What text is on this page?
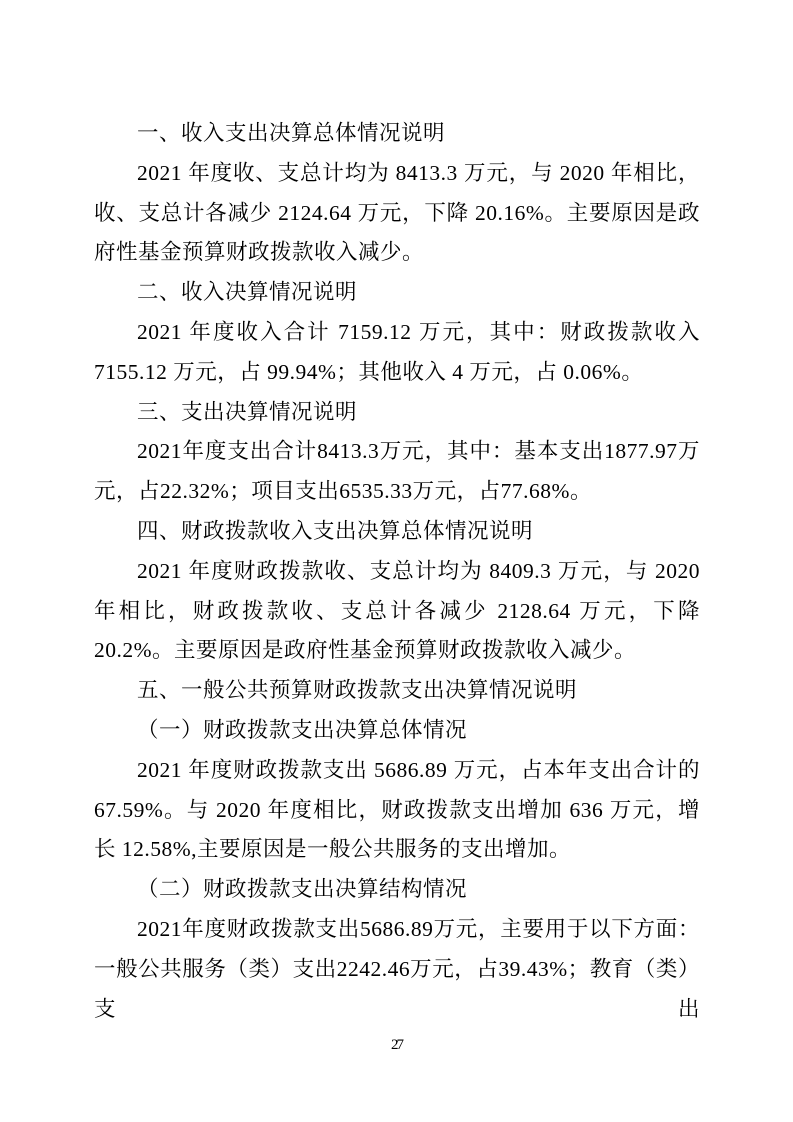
一、收入支出决算总体情况说明

2021 年度收、支总计均为 8413.3 万元，与 2020 年相比，收、支总计各减少 2124.64 万元，下降 20.16%。主要原因是政府性基金预算财政拨款收入减少。

二、收入决算情况说明

2021 年度收入合计 7159.12 万元，其中：财政拨款收入 7155.12 万元，占 99.94%；其他收入 4 万元，占 0.06%。

三、支出决算情况说明

2021年度支出合计8413.3万元，其中：基本支出1877.97万元，占22.32%；项目支出6535.33万元，占77.68%。

四、财政拨款收入支出决算总体情况说明

2021 年度财政拨款收、支总计均为 8409.3 万元，与 2020 年相比，财政拨款收、支总计各减少 2128.64 万元，下降 20.2%。主要原因是政府性基金预算财政拨款收入减少。

五、一般公共预算财政拨款支出决算情况说明
（一）财政拨款支出决算总体情况

2021 年度财政拨款支出 5686.89 万元，占本年支出合计的 67.59%。与 2020 年度相比，财政拨款支出增加 636 万元，增长 12.58%,主要原因是一般公共服务的支出增加。

（二）财政拨款支出决算结构情况

2021年度财政拨款支出5686.89万元，主要用于以下方面：一般公共服务（类）支出2242.46万元，占39.43%；教育（类）支出

27
